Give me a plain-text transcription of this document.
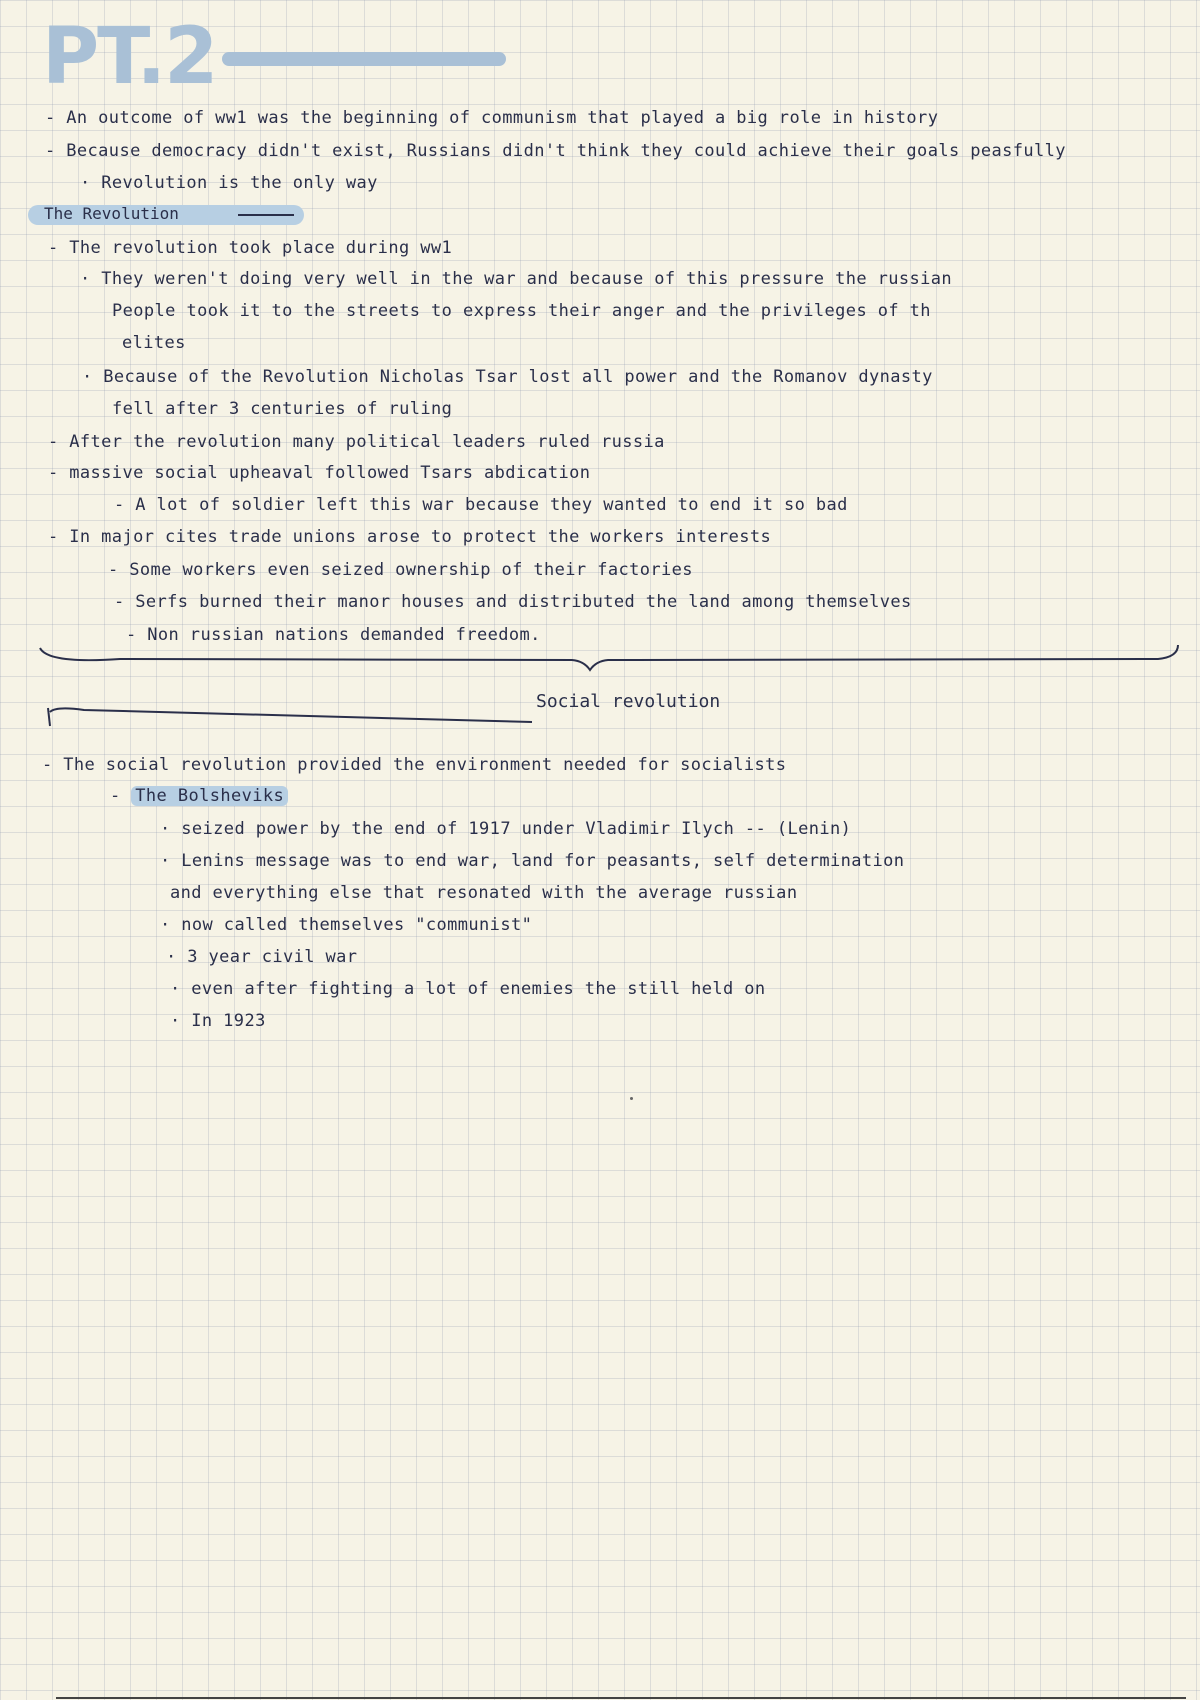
PT.2
- An outcome of ww1 was the beginning of communism that played a big role in history
- Because democracy didn't exist, Russians didn't think they could achieve their goals peasfully
· Revolution is the only way
The Revolution
- The revolution took place during ww1
· They weren't doing very well in the war and because of this pressure the russian
People took it to the streets to express their anger and the privileges of th
elites
· Because of the Revolution Nicholas Tsar lost all power and the Romanov dynasty
fell after 3 centuries of ruling
- After the revolution many political leaders ruled russia
- massive social upheaval followed Tsars abdication
- A lot of soldier left this war because they wanted to end it so bad
- In major cites trade unions arose to protect the workers interests
- Some workers even seized ownership of their factories
- Serfs burned their manor houses and distributed the land among themselves
- Non russian nations demanded freedom.
Social revolution
- The social revolution provided the environment needed for socialists
- The Bolsheviks
· seized power by the end of 1917 under Vladimir Ilych -- (Lenin)
· Lenins message was to end war, land for peasants, self determination
and everything else that resonated with the average russian
· now called themselves "communist"
· 3 year civil war
· even after fighting a lot of enemies the still held on
· In 1923
